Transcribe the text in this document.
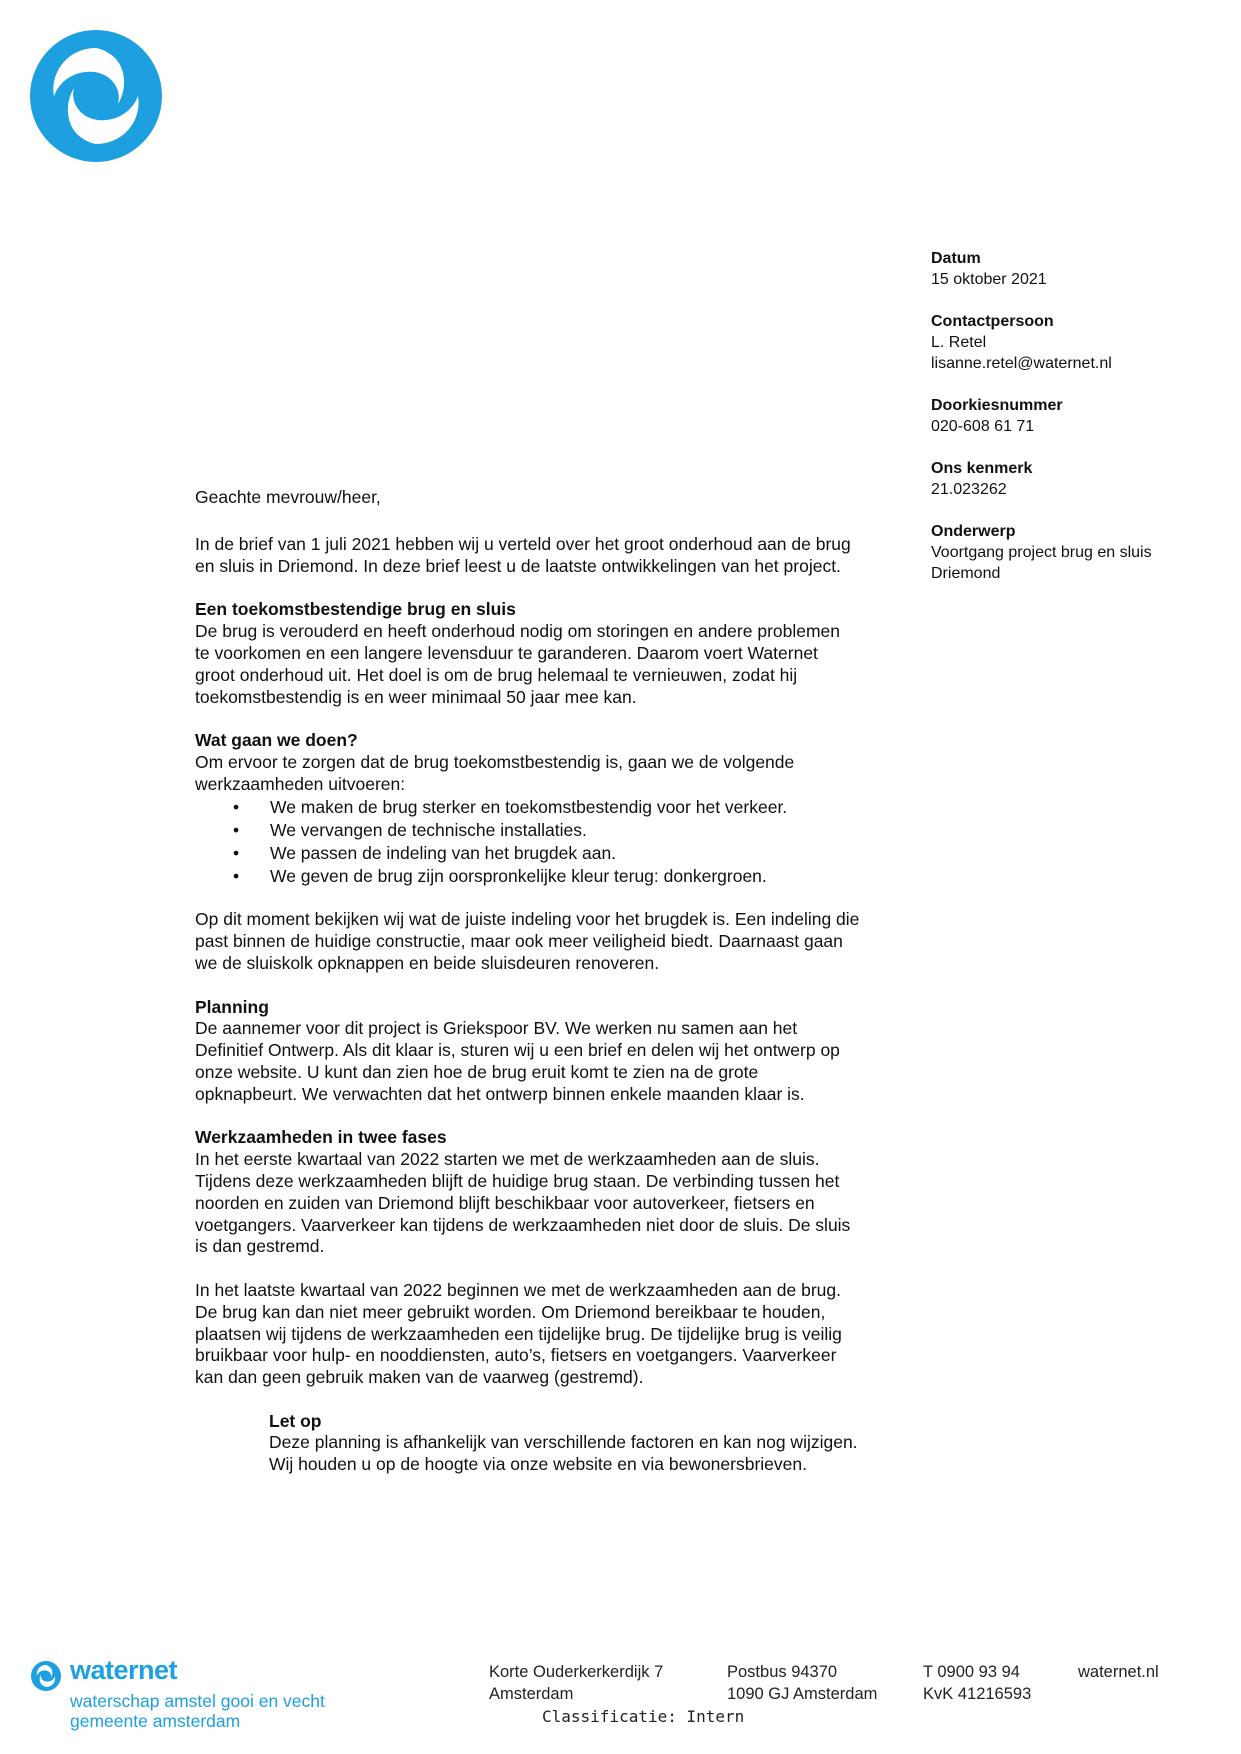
Datum
15 oktober 2021
Contactpersoon
L. Retel
lisanne.retel@waternet.nl
Doorkiesnummer
020-608 61 71
Ons kenmerk
21.023262
Onderwerp
Voortgang project brug en sluis
Driemond
Geachte mevrouw/heer,

In de brief van 1 juli 2021 hebben wij u verteld over het groot onderhoud aan de brug

en sluis in Driemond. In deze brief leest u de laatste ontwikkelingen van het project.

Een toekomstbestendige brug en sluis

De brug is verouderd en heeft onderhoud nodig om storingen en andere problemen

te voorkomen en een langere levensduur te garanderen. Daarom voert Waternet

groot onderhoud uit. Het doel is om de brug helemaal te vernieuwen, zodat hij

toekomstbestendig is en weer minimaal 50 jaar mee kan.

Wat gaan we doen?

Om ervoor te zorgen dat de brug toekomstbestendig is, gaan we de volgende

werkzaamheden uitvoeren:

• We maken de brug sterker en toekomstbestendig voor het verkeer.
• We vervangen de technische installaties.
• We passen de indeling van het brugdek aan.
• We geven de brug zijn oorspronkelijke kleur terug: donkergroen.

Op dit moment bekijken wij wat de juiste indeling voor het brugdek is. Een indeling die

past binnen de huidige constructie, maar ook meer veiligheid biedt. Daarnaast gaan

we de sluiskolk opknappen en beide sluisdeuren renoveren.

Planning

De aannemer voor dit project is Griekspoor BV. We werken nu samen aan het

Definitief Ontwerp. Als dit klaar is, sturen wij u een brief en delen wij het ontwerp op

onze website. U kunt dan zien hoe de brug eruit komt te zien na de grote

opknapbeurt. We verwachten dat het ontwerp binnen enkele maanden klaar is.

Werkzaamheden in twee fases

In het eerste kwartaal van 2022 starten we met de werkzaamheden aan de sluis.

Tijdens deze werkzaamheden blijft de huidige brug staan. De verbinding tussen het

noorden en zuiden van Driemond blijft beschikbaar voor autoverkeer, fietsers en

voetgangers. Vaarverkeer kan tijdens de werkzaamheden niet door de sluis. De sluis

is dan gestremd.

In het laatste kwartaal van 2022 beginnen we met de werkzaamheden aan de brug.

De brug kan dan niet meer gebruikt worden. Om Driemond bereikbaar te houden,

plaatsen wij tijdens de werkzaamheden een tijdelijke brug. De tijdelijke brug is veilig

bruikbaar voor hulp- en nooddiensten, auto’s, fietsers en voetgangers. Vaarverkeer

kan dan geen gebruik maken van de vaarweg (gestremd).

Let op

Deze planning is afhankelijk van verschillende factoren en kan nog wijzigen.

Wij houden u op de hoogte via onze website en via bewonersbrieven.

waternet
waterschap amstel gooi en vecht
gemeente amsterdam
Korte Ouderkerkerdijk 7
Amsterdam
Postbus 94370
1090 GJ Amsterdam
T 0900 93 94
KvK 41216593
waternet.nl
Classificatie: Intern
